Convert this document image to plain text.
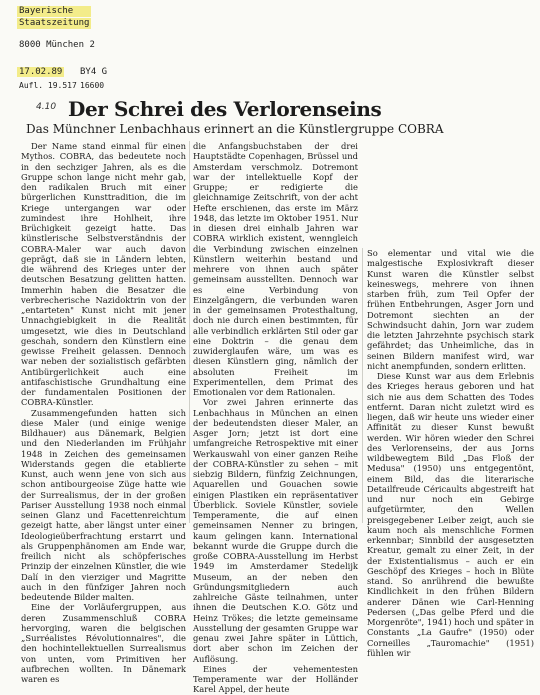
Bayerische
Staatszeitung
8000 München 2
17.02.89 BY4 G
Aufl. 19.517 16600
4.10 Der Schrei des Verlorenseins
Das Münchner Lenbachhaus erinnert an die Künstlergruppe COBRA

Der Name stand einmal für einen Mythos. COBRA, das bedeutete noch in den sechziger Jahren, als es die Gruppe schon lange nicht mehr gab, den radikalen Bruch mit einer bürgerlichen Kunsttradition, die im Kriege untergangen war oder zumindest ihre Hohlheit, ihre Brüchigkeit gezeigt hatte. Das künstlerische Selbstverständnis der COBRA-Maler war auch davon geprägt, daß sie in Ländern lebten, die während des Krieges unter der deutschen Besatzung gelitten hatten. Immerhin haben die Besatzer die verbrecherische Nazidoktrin von der „entarteten" Kunst nicht mit jener Unnachgiebigkeit in die Realität umgesetzt, wie dies in Deutschland geschah, sondern den Künstlern eine gewisse Freiheit gelassen. Dennoch war neben der sozialistisch gefärbten Antibürgerlichkeit auch eine antifaschistische Grundhaltung eine der fundamentalen Positionen der COBRA-Künstler.

Zusammengefunden hatten sich diese Maler (und einige wenige Bildhauer) aus Dänemark, Belgien und den Niederlanden im Frühjahr 1948 in Zeichen des gemeinsamen Widerstands gegen die etablierte Kunst, auch wenn jene von sich aus schon antibourgeoise Züge hatte wie der Surrealismus, der in der großen Pariser Ausstellung 1938 noch einmal seinen Glanz und Facettenreichtum gezeigt hatte, aber längst unter einer Ideologieüberfrachtung erstarrt und als Gruppenphänomen am Ende war, freilich nicht als schöpferisches Prinzip der einzelnen Künstler, die wie Dalí in den vierziger und Magritte auch in den fünfziger Jahren noch bedeutende Bilder malten.

Eine der Vorläufergruppen, aus deren Zusammenschluß COBRA hervorging, waren die belgischen „Surréalistes Révolutionnaires", die den hochintellektuellen Surrealismus von unten, vom Primitiven her aufbrechen wollten. In Dänemark waren es

die Anfangsbuchstaben der drei Hauptstädte Copenhagen, Brüssel und Amsterdam verschmolz. Dotremont war der intellektuelle Kopf der Gruppe; er redigierte die gleichnamige Zeitschrift, von der acht Hefte erschienen, das erste im März 1948, das letzte im Oktober 1951. Nur in diesen drei einhalb Jahren war COBRA wirklich existent, wenngleich die Verbindung zwischen einzelnen Künstlern weiterhin bestand und mehrere von ihnen auch später gemeinsam ausstellten. Dennoch war es eine Verbindung von Einzelgängern, die verbunden waren in der gemeinsamen Protesthaltung, doch nie durch einen bestimmten, für alle verbindlich erklärten Stil oder gar eine Doktrin – die genau dem zuwiderglaufen wäre, um was es diesen Künstlern ging, nämlich der absoluten Freiheit im Experimentellen, dem Primat des Emotionalen vor dem Rationalen.

Vor zwei Jahren erinnerte das Lenbachhaus in München an einen der bedeutendsten dieser Maler, an Asger Jorn; jetzt ist dort eine umfangreiche Retrospektive mit einer Werkauswahl von einer ganzen Reihe der COBRA-Künstler zu sehen – mit siebzig Bildern, fünfzig Zeichnungen, Aquarellen und Gouachen sowie einigen Plastiken ein repräsentativer Überblick. Soviele Künstler, soviele Temperamente, die auf einen gemeinsamen Nenner zu bringen, kaum gelingen kann. International bekannt wurde die Gruppe durch die große COBRA-Ausstellung im Herbst 1949 im Amsterdamer Stedelijk Museum, an der neben den Gründungsmitgliedern auch zahlreiche Gäste teilnahmen, unter ihnen die Deutschen K.O. Götz und Heinz Trökes; die letzte gemeinsame Ausstellung der gesamten Gruppe war genau zwei Jahre später in Lüttich, dort aber schon im Zeichen der Auflösung.

Eines der vehementesten Temperamente war der Holländer Karel Appel, der heute

So elementar und vital wie die malgestische Explosivkraft dieser Kunst waren die Künstler selbst keineswegs, mehrere von ihnen starben früh, zum Teil Opfer der frühen Entbehrungen, Asger Jorn und Dotremont siechten an der Schwindsucht dahin, Jorn war zudem die letzten Jahrzehnte psychisch stark gefährdet; das Unheimliche, das in seinen Bildern manifest wird, war nicht anempfunden, sondern erlitten.

Diese Kunst war aus dem Erlebnis des Krieges heraus geboren und hat sich nie aus dem Schatten des Todes entfernt. Daran nicht zuletzt wird es liegen, daß wir heute uns wieder einer Affinität zu dieser Kunst bewußt werden. Wir hören wieder den Schrei des Verlorenseins, der aus Jorns wildbewegtem Bild „Das Floß der Medusa" (1950) uns entgegentönt, einem Bild, das die literarische Detailfreude Céricaults abgestreift hat und nur noch ein Gebirge aufgetürmter, den Wellen preisgegebener Leiber zeigt, auch sie kaum noch als menschliche Formen erkennbar; Sinnbild der ausgesetzten Kreatur, gemalt zu einer Zeit, in der der Existentialismus – auch er ein Geschöpf des Krieges – hoch in Blüte stand. So anrührend die bewußte Kindlichkeit in den frühen Bildern anderer Dänen wie Carl-Henning Pedersen („Das gelbe Pferd und die Morgenröte", 1941) hoch und später in Constants „La Gaufre" (1950) oder Corneilles „Tauromachie" (1951) fühlen wir
